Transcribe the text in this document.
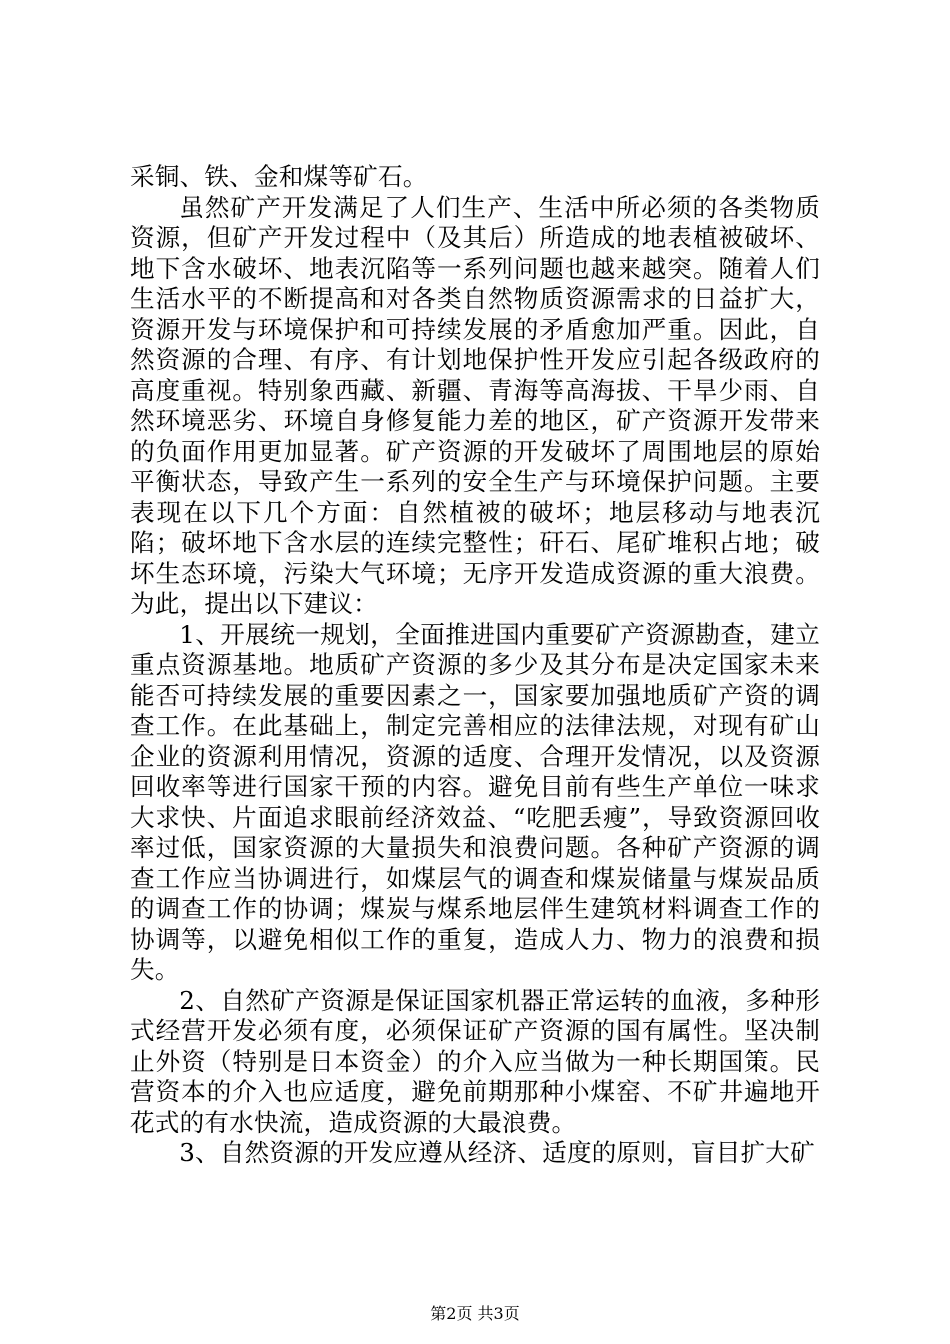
采铜、铁、金和煤等矿石。

虽然矿产开发满足了人们生产、生活中所必须的各类物质资源，但矿产开发过程中（及其后）所造成的地表植被破坏、地下含水破坏、地表沉陷等一系列问题也越来越突。随着人们生活水平的不断提高和对各类自然物质资源需求的日益扩大，资源开发与环境保护和可持续发展的矛盾愈加严重。因此，自然资源的合理、有序、有计划地保护性开发应引起各级政府的高度重视。特别象西藏、新疆、青海等高海拔、干旱少雨、自然环境恶劣、环境自身修复能力差的地区，矿产资源开发带来的负面作用更加显著。矿产资源的开发破坏了周围地层的原始平衡状态，导致产生一系列的安全生产与环境保护问题。主要表现在以下几个方面：自然植被的破坏；地层移动与地表沉陷；破坏地下含水层的连续完整性；矸石、尾矿堆积占地；破坏生态环境，污染大气环境；无序开发造成资源的重大浪费。为此，提出以下建议：

1、开展统一规划，全面推进国内重要矿产资源勘查，建立重点资源基地。地质矿产资源的多少及其分布是决定国家未来能否可持续发展的重要因素之一，国家要加强地质矿产资的调查工作。在此基础上，制定完善相应的法律法规，对现有矿山企业的资源利用情况，资源的适度、合理开发情况，以及资源回收率等进行国家干预的内容。避免目前有些生产单位一味求大求快、片面追求眼前经济效益、“吃肥丢瘦”，导致资源回收率过低，国家资源的大量损失和浪费问题。各种矿产资源的调查工作应当协调进行，如煤层气的调查和煤炭储量与煤炭品质的调查工作的协调；煤炭与煤系地层伴生建筑材料调查工作的协调等，以避免相似工作的重复，造成人力、物力的浪费和损失。

2、自然矿产资源是保证国家机器正常运转的血液，多种形式经营开发必须有度，必须保证矿产资源的国有属性。坚决制止外资（特别是日本资金）的介入应当做为一种长期国策。民营资本的介入也应适度，避免前期那种小煤窑、不矿井遍地开花式的有水快流，造成资源的大最浪费。

3、自然资源的开发应遵从经济、适度的原则，盲目扩大矿

第2页 共3页
